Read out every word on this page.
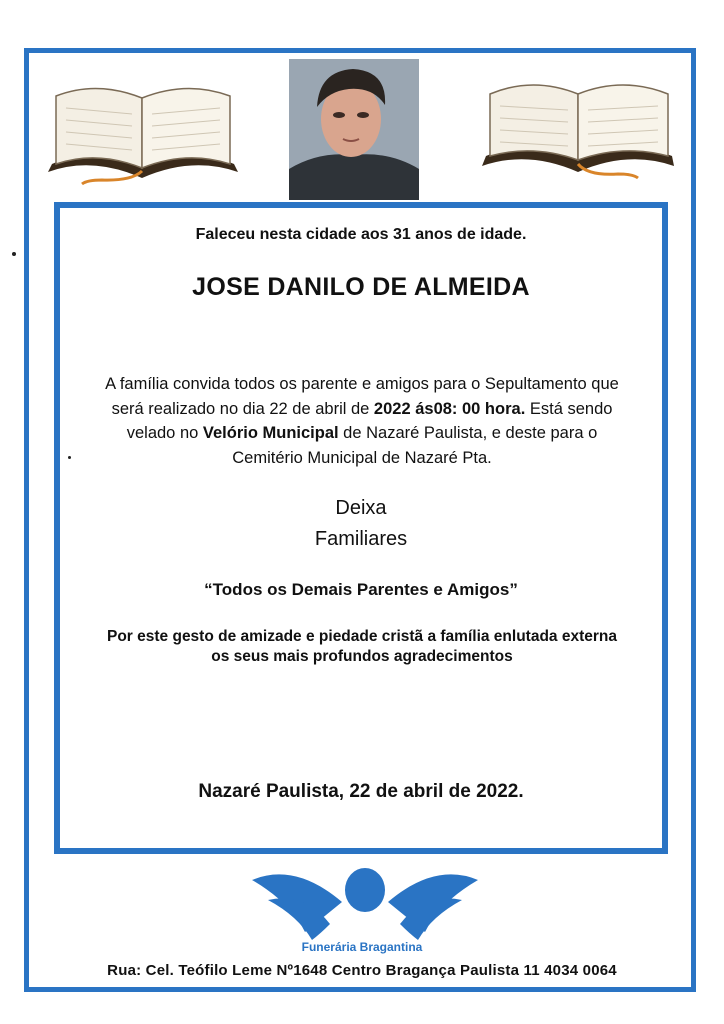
Faleceu nesta cidade aos 31 anos de idade.

JOSE DANILO DE ALMEIDA

A família convida todos os parente e amigos para o Sepultamento que será realizado no dia 22 de abril de 2022 ás08: 00 hora. Está sendo velado no Velório Municipal de Nazaré Paulista, e deste para o Cemitério Municipal de Nazaré Pta.

Deixa

Familiares

“Todos os Demais Parentes e Amigos”

Por este gesto de amizade e piedade cristã a família enlutada externa os seus mais profundos agradecimentos

Nazaré Paulista, 22 de abril de 2022.

Funerária Bragantina

Rua: Cel. Teófilo Leme Nº1648 Centro Bragança Paulista 11 4034 0064
